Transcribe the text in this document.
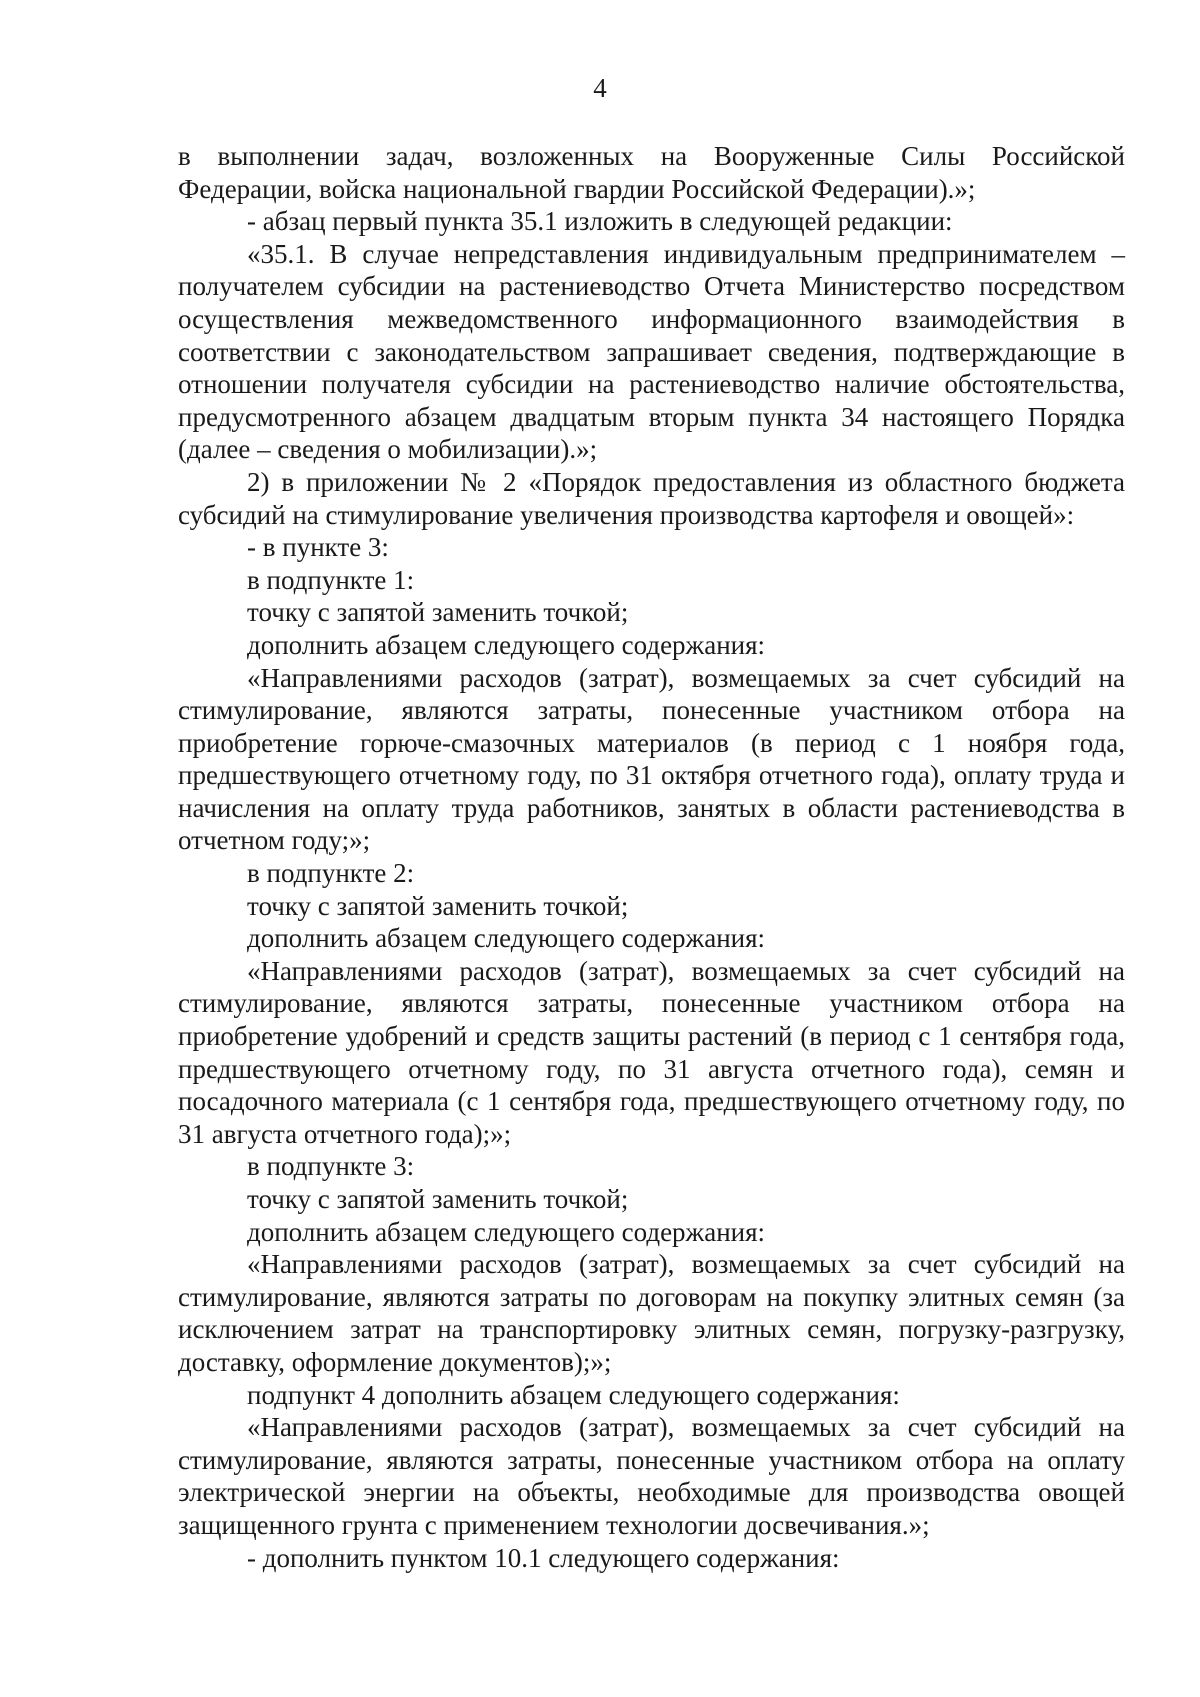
4

в выполнении задач, возложенных на Вооруженные Силы Российской Федерации, войска национальной гвардии Российской Федерации).»;

- абзац первый пункта 35.1 изложить в следующей редакции:

«35.1. В случае непредставления индивидуальным предпринимателем – получателем субсидии на растениеводство Отчета Министерство посредством осуществления межведомственного информационного взаимодействия в соответствии с законодательством запрашивает сведения, подтверждающие в отношении получателя субсидии на растениеводство наличие обстоятельства, предусмотренного абзацем двадцатым вторым пункта 34 настоящего Порядка (далее – сведения о мобилизации).»;

2) в приложении № 2 «Порядок предоставления из областного бюджета субсидий на стимулирование увеличения производства картофеля и овощей»:

- в пункте 3:

в подпункте 1:

точку с запятой заменить точкой;

дополнить абзацем следующего содержания:

«Направлениями расходов (затрат), возмещаемых за счет субсидий на стимулирование, являются затраты, понесенные участником отбора на приобретение горюче-смазочных материалов (в период с 1 ноября года, предшествующего отчетному году, по 31 октября отчетного года), оплату труда и начисления на оплату труда работников, занятых в области растениеводства в отчетном году;»;

в подпункте 2:

точку с запятой заменить точкой;

дополнить абзацем следующего содержания:

«Направлениями расходов (затрат), возмещаемых за счет субсидий на стимулирование, являются затраты, понесенные участником отбора на приобретение удобрений и средств защиты растений (в период с 1 сентября года, предшествующего отчетному году, по 31 августа отчетного года), семян и посадочного материала (с 1 сентября года, предшествующего отчетному году, по 31 августа отчетного года);»;

в подпункте 3:

точку с запятой заменить точкой;

дополнить абзацем следующего содержания:

«Направлениями расходов (затрат), возмещаемых за счет субсидий на стимулирование, являются затраты по договорам на покупку элитных семян (за исключением затрат на транспортировку элитных семян, погрузку-разгрузку, доставку, оформление документов);»;

подпункт 4 дополнить абзацем следующего содержания:

«Направлениями расходов (затрат), возмещаемых за счет субсидий на стимулирование, являются затраты, понесенные участником отбора на оплату электрической энергии на объекты, необходимые для производства овощей защищенного грунта с применением технологии досвечивания.»;

- дополнить пунктом 10.1 следующего содержания:
